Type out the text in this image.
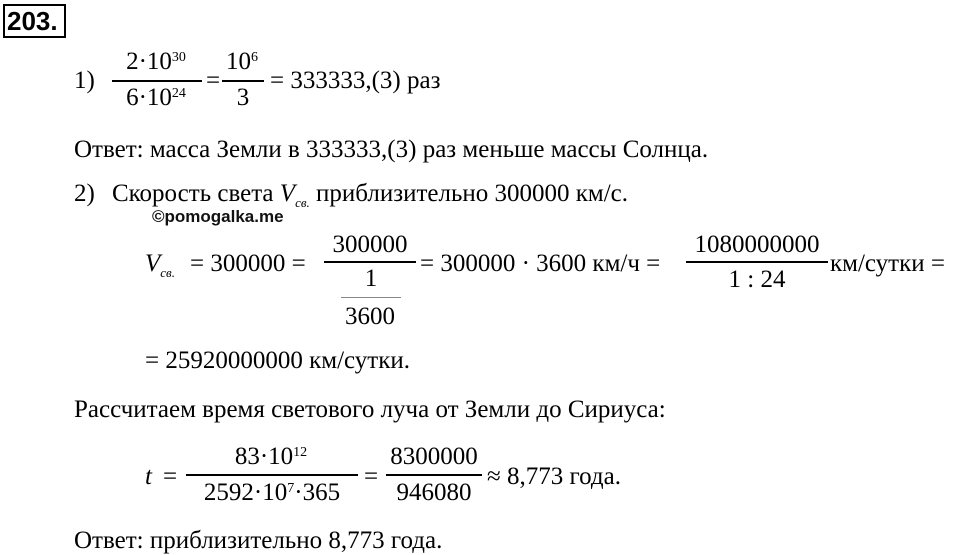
203.
1)
$2\cdot 10^{30}$
$6\cdot 10^{24}$ =
$10^6$
3
= 333333,(3) раз
Ответ: масса Земли в 333333,(3) раз меньше массы Солнца.
2) Скорость света $V_{св.}$ приблизительно 300000 км/с.
©pomogalka.me
$V_{св.} = 300000$ =
300000
1
3600
= 300000 · 3600 км/ч =
1080000000
1 : 24
км/сутки =
= 25920000000 км/сутки.
Рассчитаем время светового луча от Земли до Сириуса:
t =
$83\cdot 10^{12}$
$2592\cdot 10^7\cdot 365$
=
8300000
946080
≈ 8,773 года.
Ответ: приблизительно 8,773 года.
